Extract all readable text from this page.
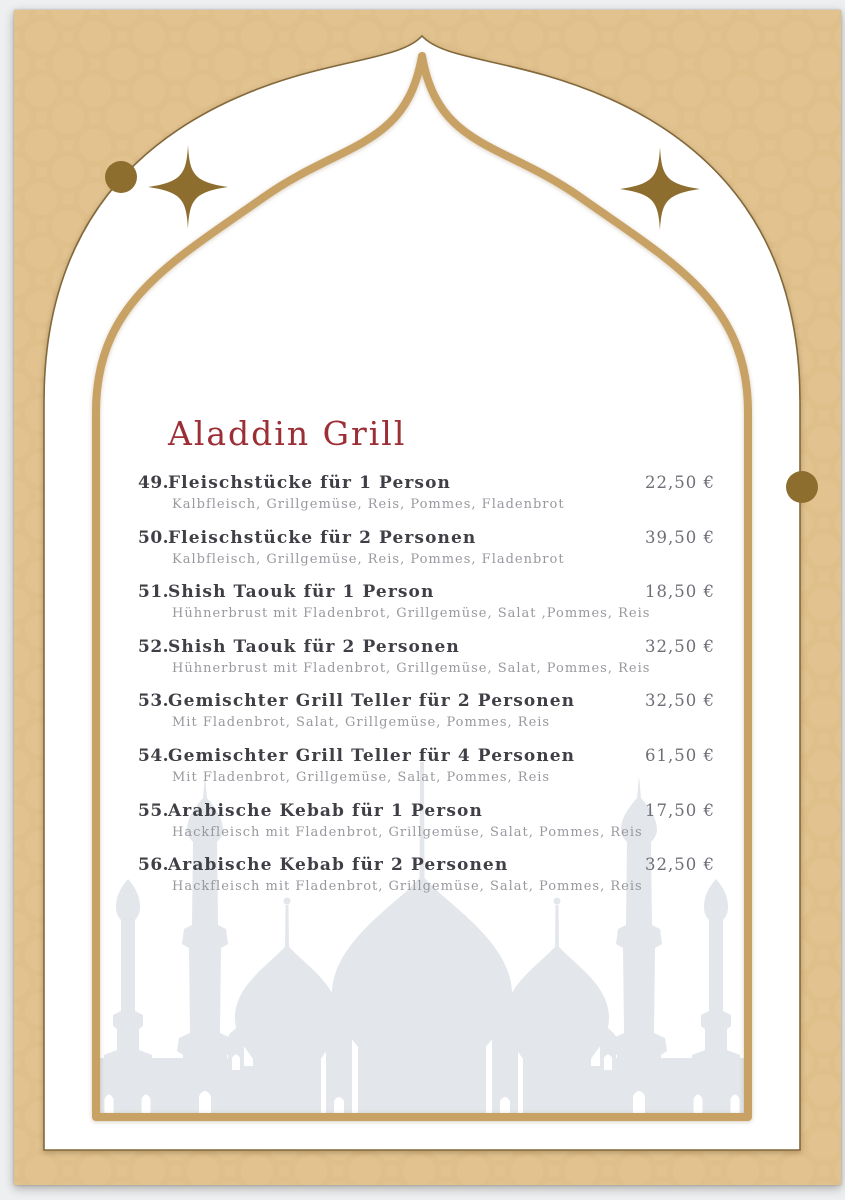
Aladdin Grill
49.Fleischstücke für 1 Person	22,50 €
Kalbfleisch, Grillgemüse, Reis, Pommes, Fladenbrot
50.Fleischstücke für 2 Personen	39,50 €
Kalbfleisch, Grillgemüse, Reis, Pommes, Fladenbrot
51.Shish Taouk für 1 Person	18,50 €
Hühnerbrust mit Fladenbrot, Grillgemüse, Salat ,Pommes, Reis
52.Shish Taouk für 2 Personen	32,50 €
Hühnerbrust mit Fladenbrot, Grillgemüse, Salat, Pommes, Reis
53.Gemischter Grill Teller für 2 Personen	32,50 €
Mit Fladenbrot, Salat, Grillgemüse, Pommes, Reis
54.Gemischter Grill Teller für 4 Personen	61,50 €
Mit Fladenbrot, Grillgemüse, Salat, Pommes, Reis
55.Arabische Kebab für 1 Person	17,50 €
Hackfleisch mit Fladenbrot, Grillgemüse, Salat, Pommes, Reis
56.Arabische Kebab für 2 Personen	32,50 €
Hackfleisch mit Fladenbrot, Grillgemüse, Salat, Pommes, Reis
